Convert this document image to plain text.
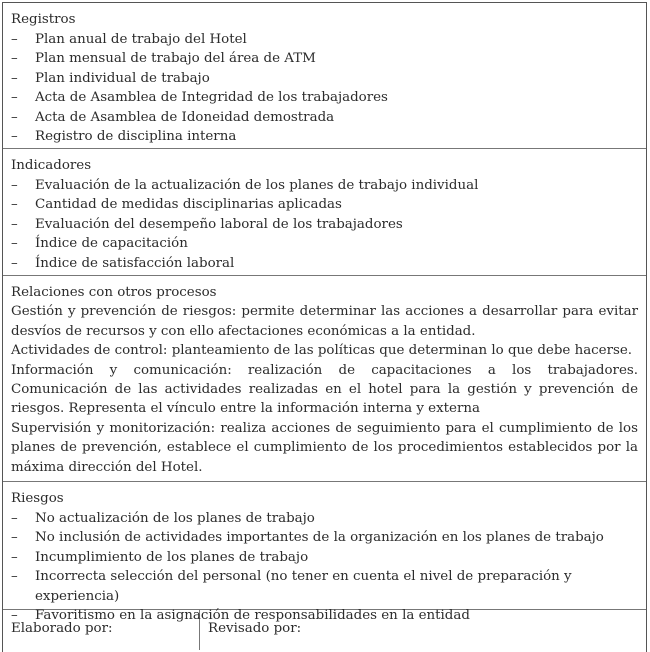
Registros
– Plan anual de trabajo del Hotel
– Plan mensual de trabajo del área de ATM
– Plan individual de trabajo
– Acta de Asamblea de Integridad de los trabajadores
– Acta de Asamblea de Idoneidad demostrada
– Registro de disciplina interna
Indicadores
– Evaluación de la actualización de los planes de trabajo individual
– Cantidad de medidas disciplinarias aplicadas
– Evaluación del desempeño laboral de los trabajadores
– Índice de capacitación
– Índice de satisfacción laboral
Relaciones con otros procesos
Gestión y prevención de riesgos: permite determinar las acciones a desarrollar para evitar desvíos de recursos y con ello afectaciones económicas a la entidad.
Actividades de control: planteamiento de las políticas que determinan lo que debe hacerse.
Información y comunicación: realización de capacitaciones a los trabajadores. Comunicación de las actividades realizadas en el hotel para la gestión y prevención de riesgos. Representa el vínculo entre la información interna y externa
Supervisión y monitorización: realiza acciones de seguimiento para el cumplimiento de los planes de prevención, establece el cumplimiento de los procedimientos establecidos por la máxima dirección del Hotel.
Riesgos
– No actualización de los planes de trabajo
– No inclusión de actividades importantes de la organización en los planes de trabajo
– Incumplimiento de los planes de trabajo
– Incorrecta selección del personal (no tener en cuenta el nivel de preparación y experiencia)
– Favoritismo en la asignación de responsabilidades en la entidad
Elaborado por:	Revisado por:
